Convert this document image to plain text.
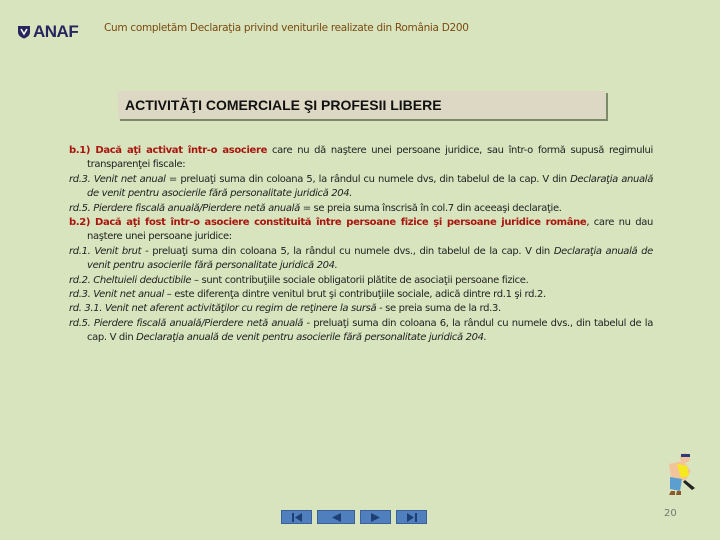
ANAF Cum completăm Declaraţia privind veniturile realizate din România D200
ACTIVITĂŢI COMERCIALE ŞI PROFESII LIBERE

b.1) Dacă aţi activat într-o asociere care nu dă naştere unei persoane juridice, sau într-o formă supusă regimului transparenţei fiscale:

rd.3. Venit net anual = preluaţi suma din coloana 5, la rândul cu numele dvs, din tabelul de la cap. V din Declaraţia anuală de venit pentru asocierile fără personalitate juridică 204.

rd.5. Pierdere fiscală anuală/Pierdere netă anuală = se preia suma înscrisă în col.7 din aceeaşi declaraţie.

b.2) Dacă aţi fost într-o asociere constituită între persoane fizice şi persoane juridice române, care nu dau naştere unei persoane juridice:

rd.1. Venit brut - preluaţi suma din coloana 5, la rândul cu numele dvs., din tabelul de la cap. V din Declaraţia anuală de venit pentru asocierile fără personalitate juridică 204.

rd.2. Cheltuieli deductibile – sunt contribuţiile sociale obligatorii plătite de asociaţii persoane fizice.

rd.3. Venit net anual – este diferenţa dintre venitul brut şi contribuţiile sociale, adică dintre rd.1 şi rd.2.

rd. 3.1. Venit net aferent activităţilor cu regim de reţinere la sursă - se preia suma de la rd.3.

rd.5. Pierdere fiscală anuală/Pierdere netă anuală - preluaţi suma din coloana 6, la rândul cu numele dvs., din tabelul de la cap. V din Declaraţia anuală de venit pentru asocierile fără personalitate juridică 204.

20
